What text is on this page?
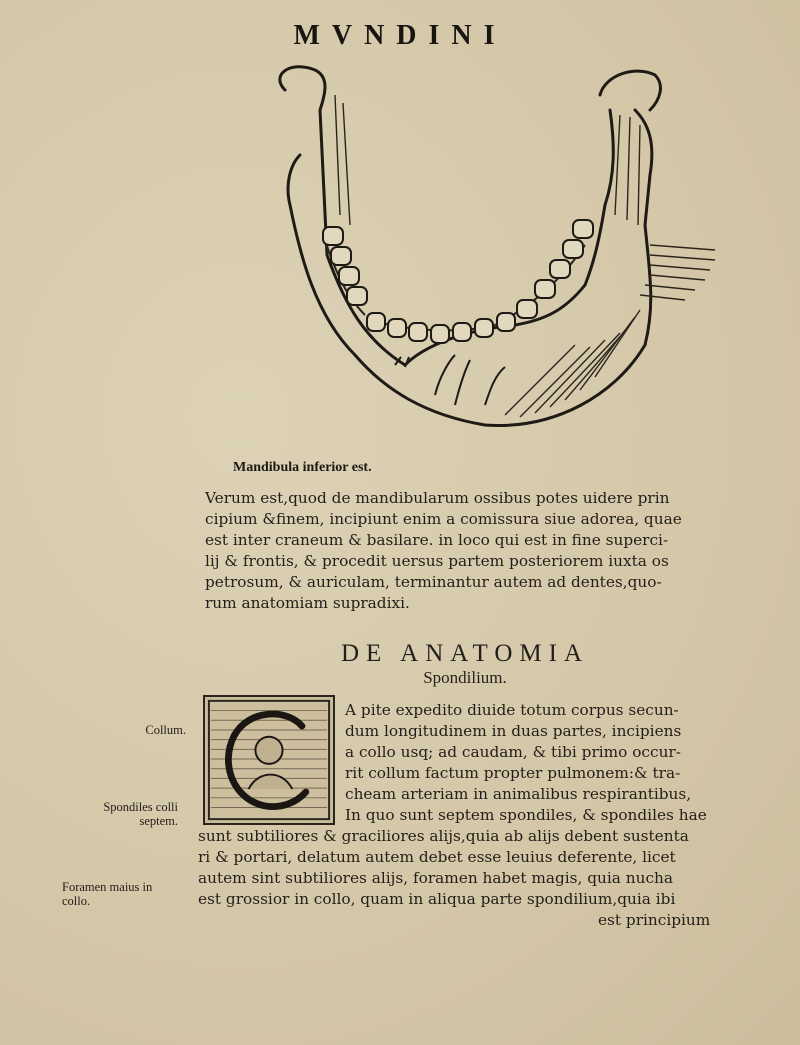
MVNDINI
Mandibula inferior est.
Verum est,quod de mandibularum ossibus potes uidere prin
cipium &finem, incipiunt enim a comissura siue adorea, quae
est inter craneum & basilare. in loco qui est in fine superci-
lij & frontis, & procedit uersus partem posteriorem iuxta os
petrosum, & auriculam, terminantur autem ad dentes,quo-
rum anatomiam supradixi.
DE ANATOMIA
Spondilium.
A pite expedito diuide totum corpus secun-
dum longitudinem in duas partes, incipiens
a collo usq; ad caudam, & tibi primo occur-
rit collum factum propter pulmonem:& tra-
cheam arteriam in animalibus respirantibus,
In quo sunt septem spondiles, & spondiles hae
sunt subtiliores & graciliores alijs,quia ab alijs debent sustenta
ri & portari, delatum autem debet esse leuius deferente, licet
autem sint subtiliores alijs, foramen habet magis, quia nucha
est grossior in collo, quam in aliqua parte spondilium,quia ibi
est principium
Collum.
Spondiles colli
septem.
Foramen maius in
collo.
